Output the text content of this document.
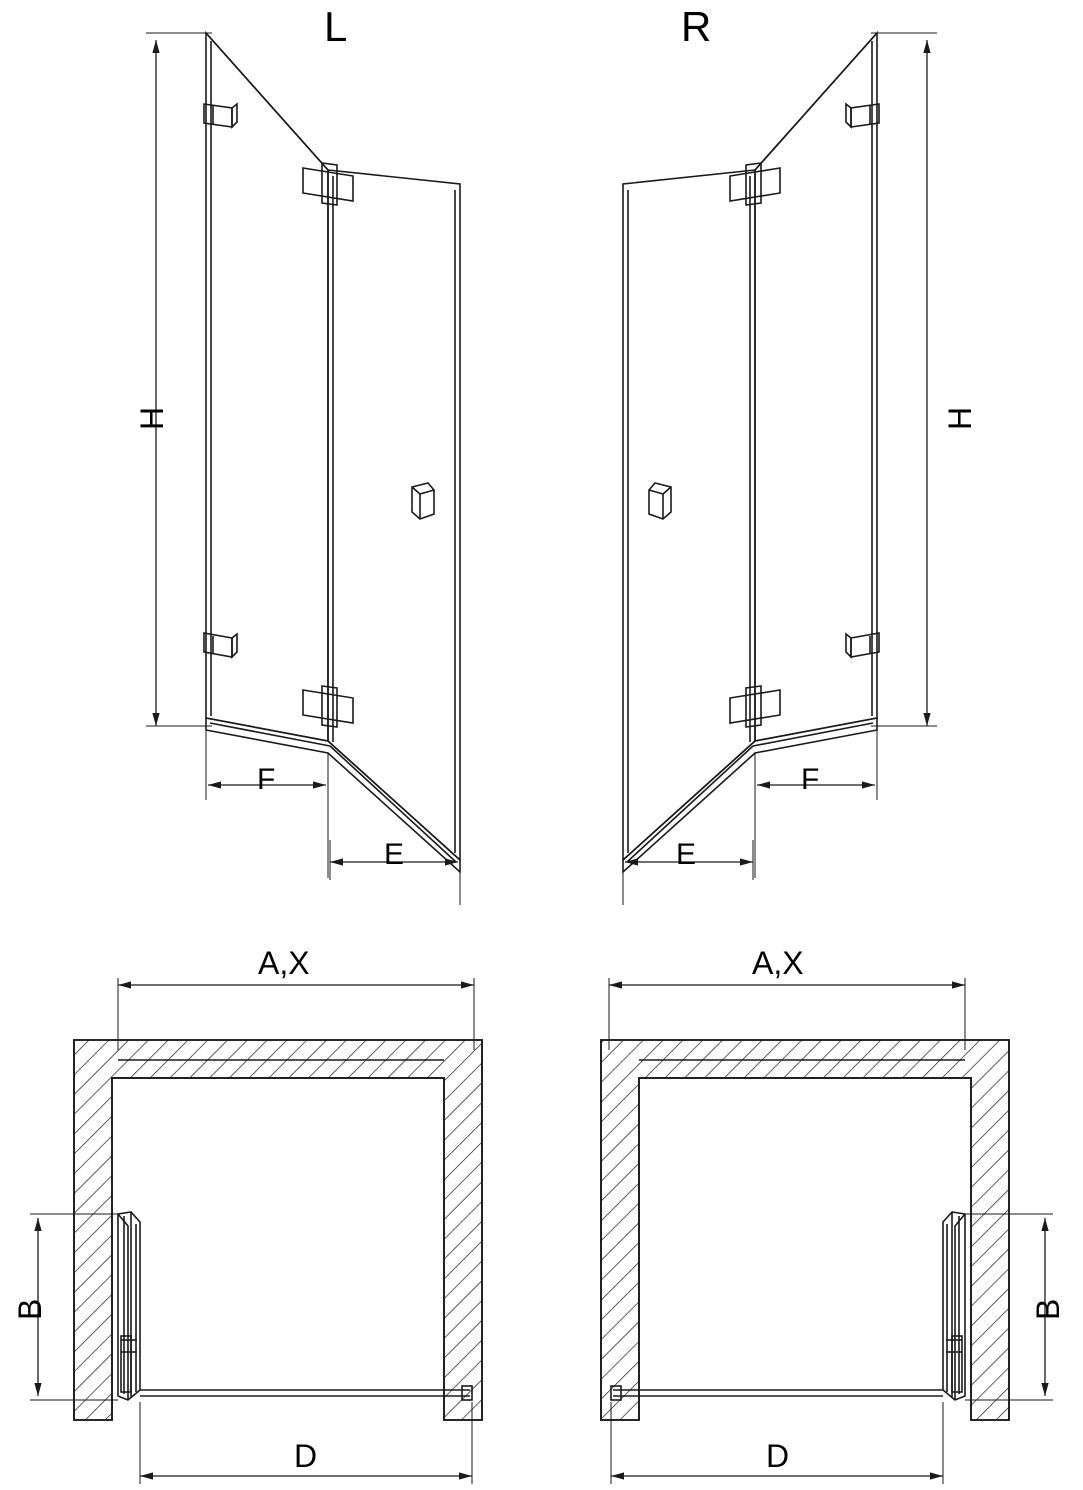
L	R
H	H
F
E
F
E
A,X	A,X
B	B
D	D
